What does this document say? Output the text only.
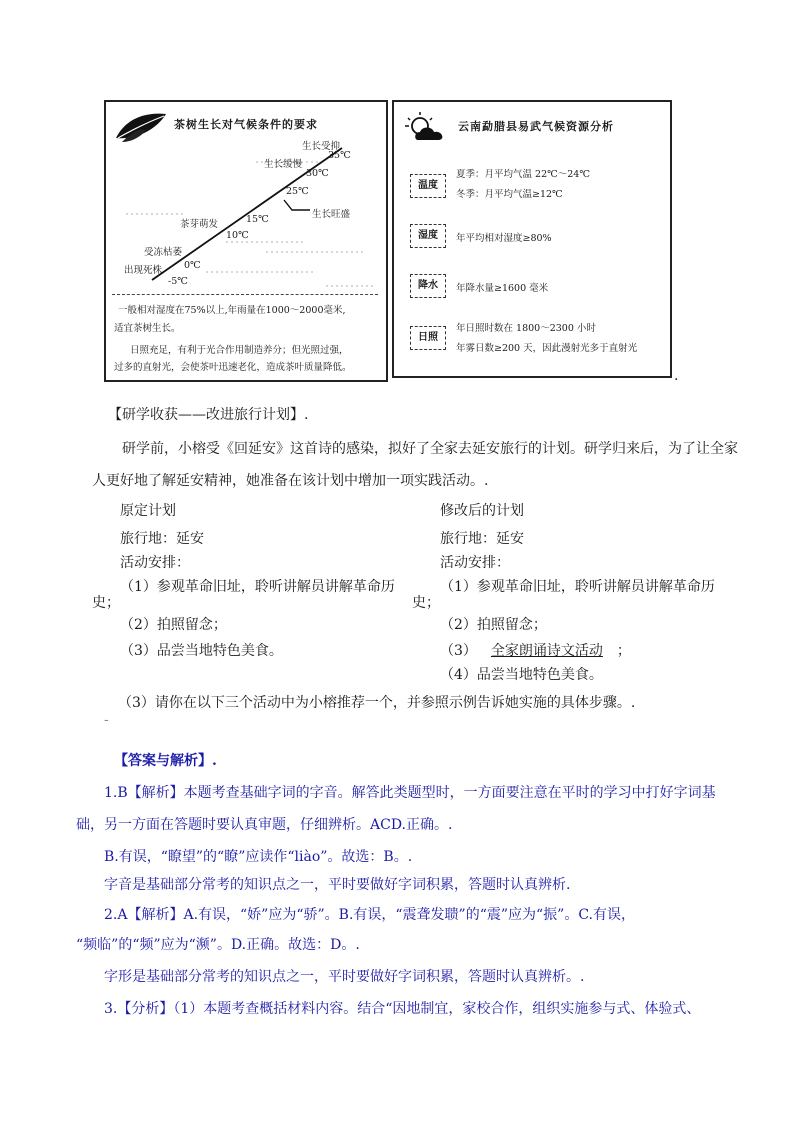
茶树生长对气候条件的要求
生长受抑
35℃
生长缓慢
30℃
25℃
生长旺盛
15℃
茶芽萌发
10℃
受冻枯萎
0℃
出现死株
-5℃
一般相对湿度在75%以上,年雨量在1000～2000毫米,
适宜茶树生长。
日照充足，有利于光合作用制造养分；但光照过强，
过多的直射光，会使茶叶迅速老化，造成茶叶质量降低。
云南勐腊县易武气候资源分析
温度
夏季：月平均气温 22℃～24℃
冬季：月平均气温≥12℃
湿度	年平均相对湿度≥80%
降水	年降水量≥1600 毫米
日照
年日照时数在 1800～2300 小时
年雾日数≥200 天，因此漫射光多于直射光
.
【研学收获——改进旅行计划】.
研学前，小榕受《回延安》这首诗的感染，拟好了全家去延安旅行的计划。研学归来后，为了让全家
人更好地了解延安精神，她准备在该计划中增加一项实践活动。.
原定计划
旅行地：延安
活动安排：
（1）参观革命旧址，聆听讲解员讲解革命历
史；
（2）拍照留念；
（3）品尝当地特色美食。
修改后的计划
旅行地：延安
活动安排：
（1）参观革命旧址，聆听讲解员讲解革命历
史；
（2）拍照留念；
（3） 全家朗诵诗文活动 ；
（4）品尝当地特色美食。
（3）请你在以下三个活动中为小榕推荐一个，并参照示例告诉她实施的具体步骤。.
-
【答案与解析】.
1.B【解析】本题考查基础字词的字音。解答此类题型时，一方面要注意在平时的学习中打好字词基
础，另一方面在答题时要认真审题，仔细辨析。ACD.正确。.
B.有误，“瞭望”的“瞭”应读作“liào”。故选：B。.
字音是基础部分常考的知识点之一，平时要做好字词积累，答题时认真辨析.
2.A【解析】A.有误，“娇”应为“骄”。B.有误，“震聋发聩”的“震”应为“振”。C.有误，
“频临”的“频”应为“濒”。D.正确。故选：D。.
字形是基础部分常考的知识点之一，平时要做好字词积累，答题时认真辨析。.
3.【分析】（1）本题考查概括材料内容。结合“因地制宜，家校合作，组织实施参与式、体验式、
